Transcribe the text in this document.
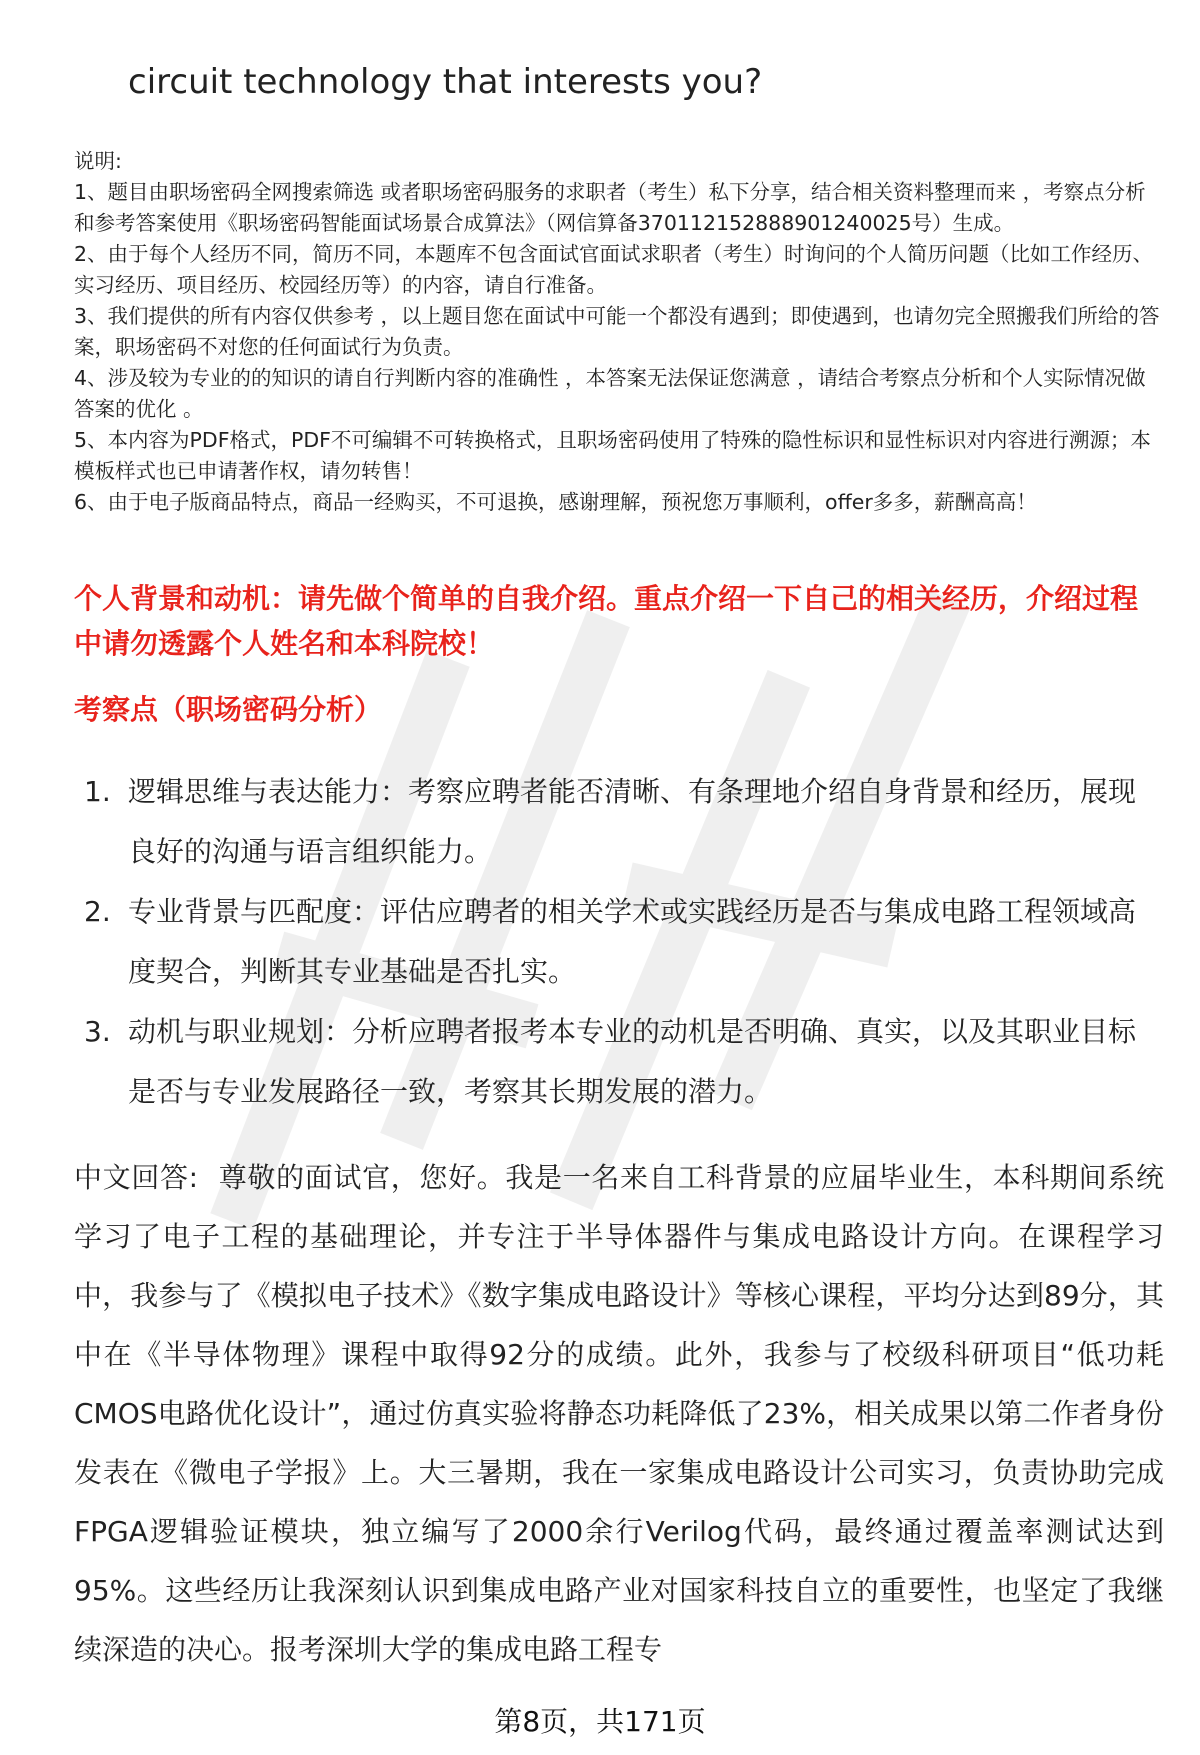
circuit technology that interests you?

说明:

1、题目由职场密码全网搜索筛选 或者职场密码服务的求职者（考生）私下分享，结合相关资料整理而来 ，考察点分析和参考答案使用《职场密码智能面试场景合成算法》（网信算备370112152888901240025号）生成。

2、由于每个人经历不同，简历不同，本题库不包含面试官面试求职者（考生）时询问的个人简历问题（比如工作经历、实习经历、项目经历、校园经历等）的内容，请自行准备。

3、我们提供的所有内容仅供参考 ，以上题目您在面试中可能一个都没有遇到；即使遇到，也请勿完全照搬我们所给的答案，职场密码不对您的任何面试行为负责。

4、涉及较为专业的的知识的请自行判断内容的准确性 ，本答案无法保证您满意 ，请结合考察点分析和个人实际情况做答案的优化 。

5、本内容为PDF格式，PDF不可编辑不可转换格式，且职场密码使用了特殊的隐性标识和显性标识对内容进行溯源；本模板样式也已申请著作权，请勿转售！

6、由于电子版商品特点，商品一经购买，不可退换，感谢理解，预祝您万事顺利，offer多多，薪酬高高！

个人背景和动机：请先做个简单的自我介绍。重点介绍一下自己的相关经历，介绍过程中请勿透露个人姓名和本科院校！
考察点（职场密码分析）
1. 逻辑思维与表达能力：考察应聘者能否清晰、有条理地介绍自身背景和经历，展现良好的沟通与语言组织能力。
2. 专业背景与匹配度：评估应聘者的相关学术或实践经历是否与集成电路工程领域高度契合，判断其专业基础是否扎实。
3. 动机与职业规划：分析应聘者报考本专业的动机是否明确、真实，以及其职业目标是否与专业发展路径一致，考察其长期发展的潜力。
中文回答: 尊敬的面试官，您好。我是一名来自工科背景的应届毕业生，本科期间系统学习了电子工程的基础理论，并专注于半导体器件与集成电路设计方向。在课程学习中，我参与了《模拟电子技术》《数字集成电路设计》等核心课程，平均分达到89分，其中在《半导体物理》课程中取得92分的成绩。此外，我参与了校级科研项目“低功耗CMOS电路优化设计”，通过仿真实验将静态功耗降低了23%，相关成果以第二作者身份发表在《微电子学报》上。大三暑期，我在一家集成电路设计公司实习，负责协助完成FPGA逻辑验证模块，独立编写了2000余行Verilog代码，最终通过覆盖率测试达到95%。这些经历让我深刻认识到集成电路产业对国家科技自立的重要性，也坚定了我继续深造的决心。报考深圳大学的集成电路工程专
第8页，共171页
